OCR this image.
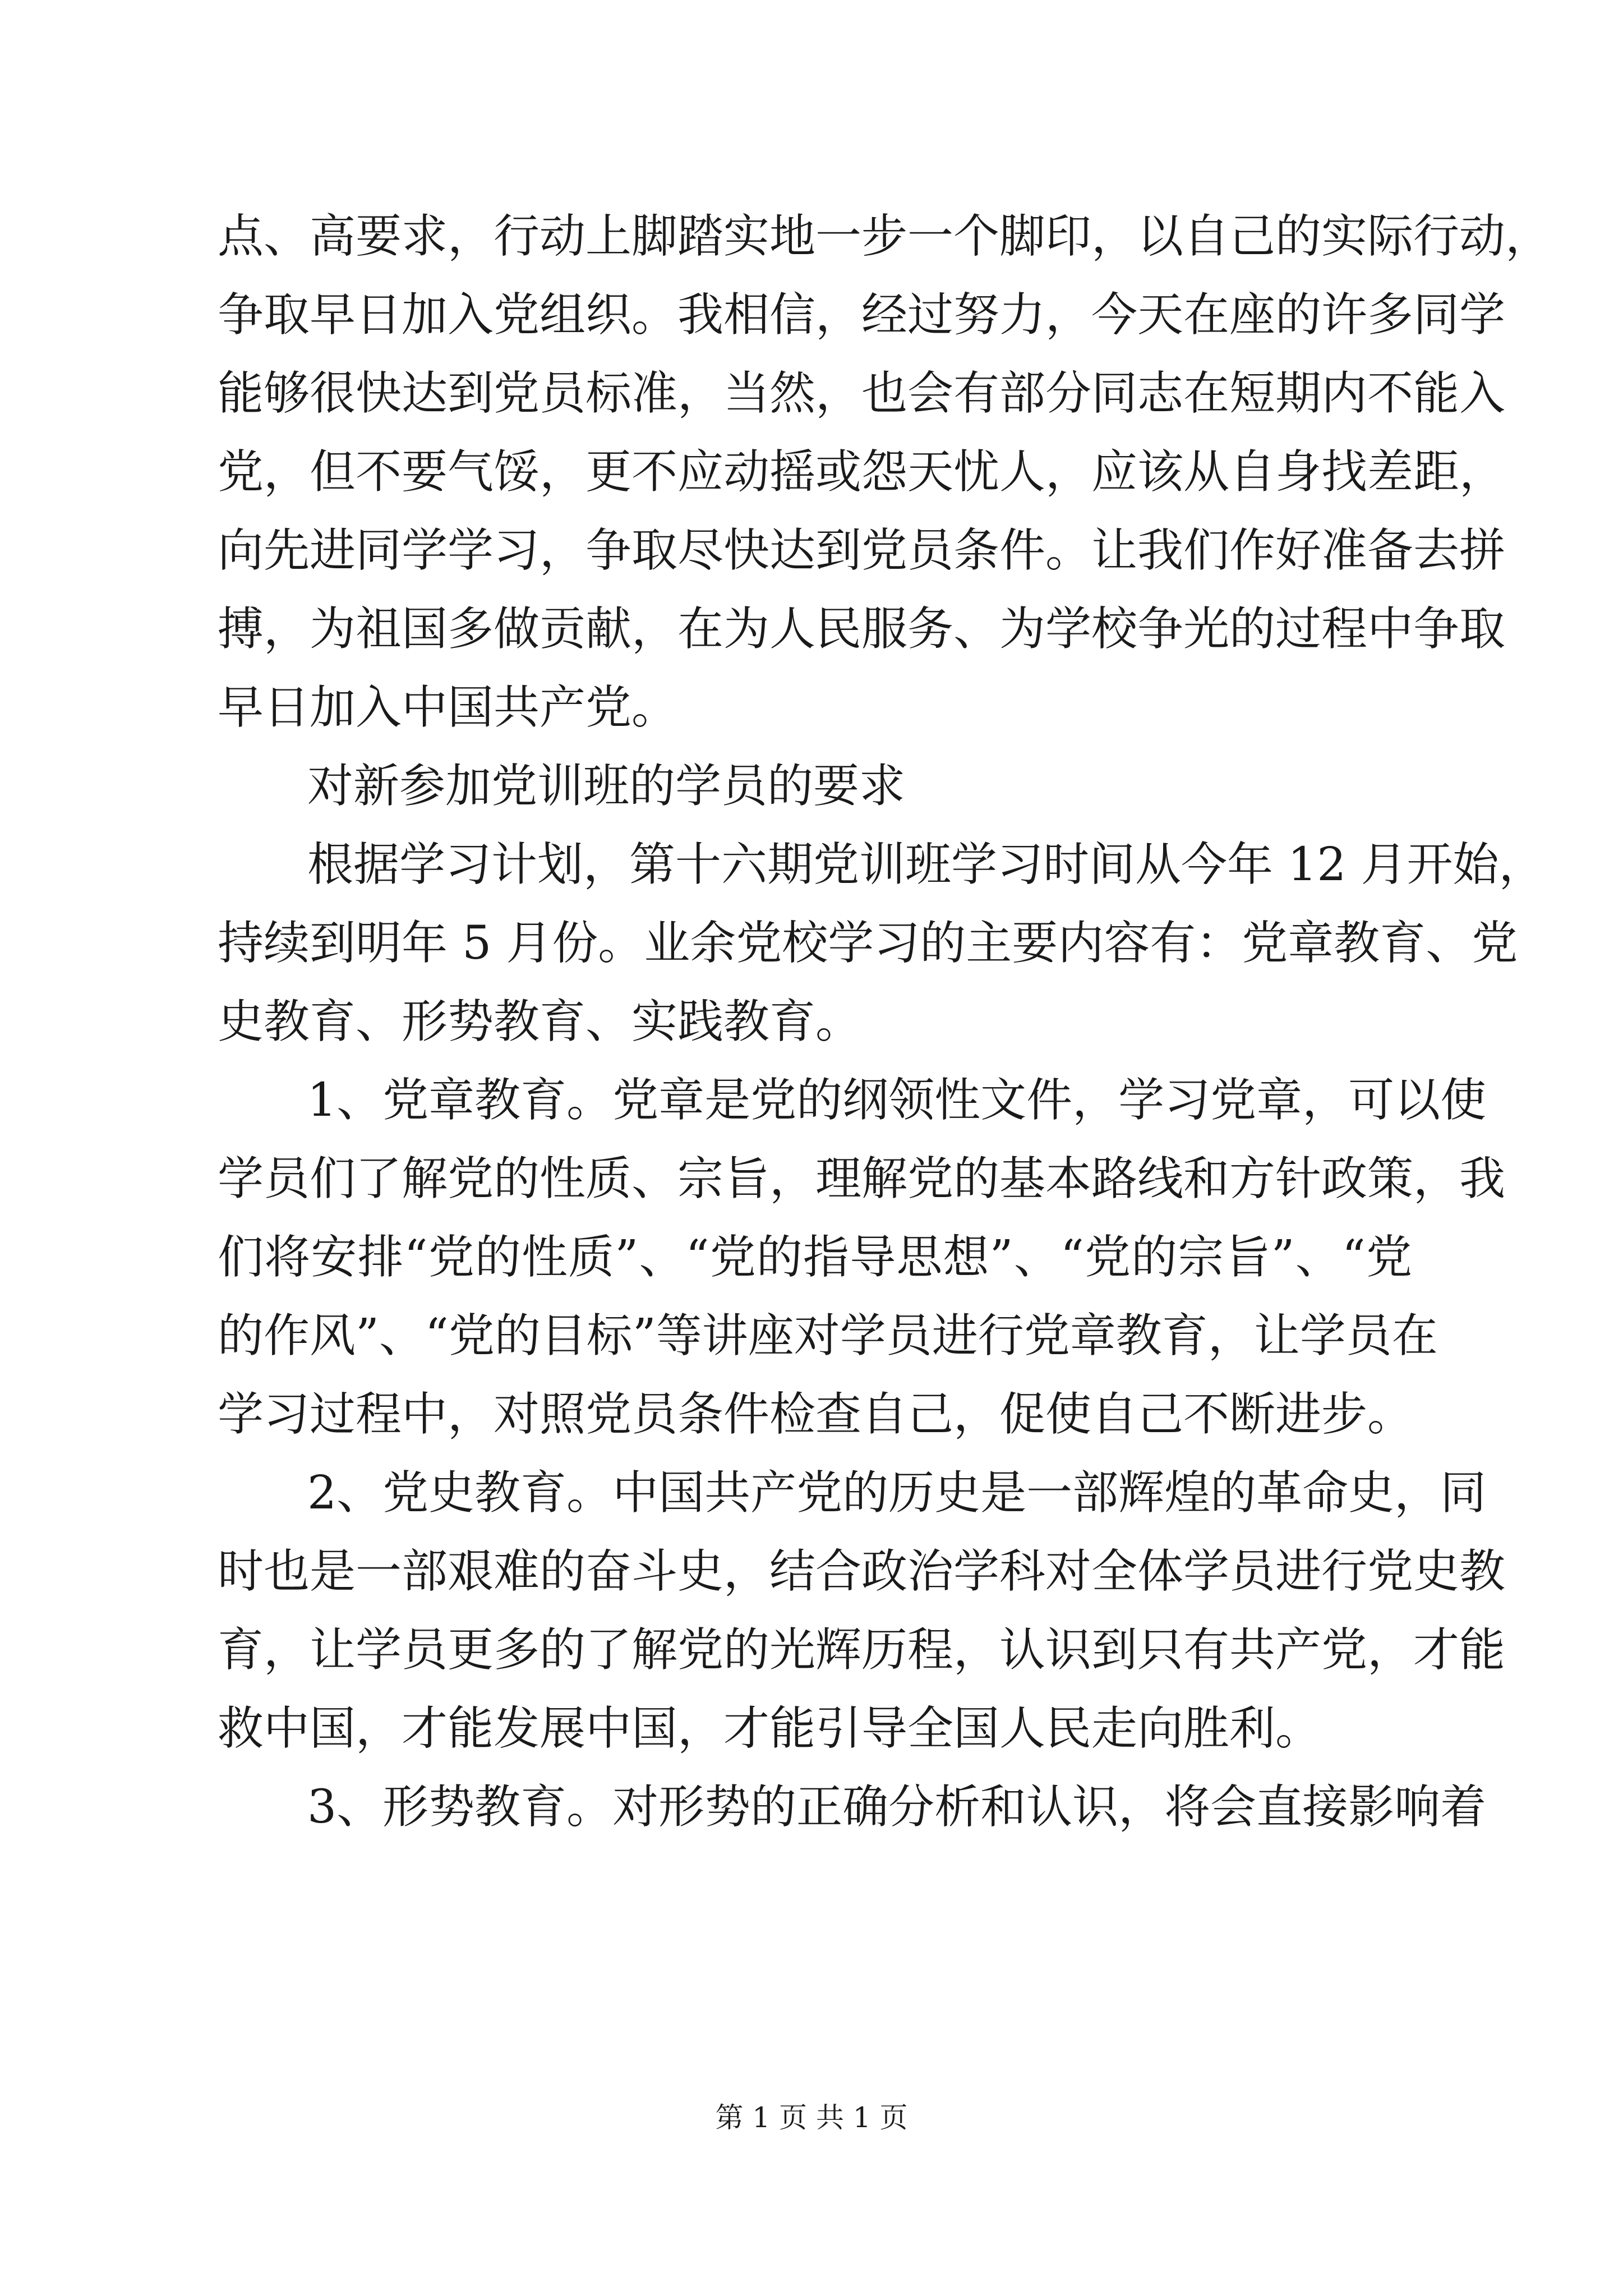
点、高要求，行动上脚踏实地一步一个脚印，以自己的实际行动，
争取早日加入党组织。我相信，经过努力，今天在座的许多同学
能够很快达到党员标准，当然，也会有部分同志在短期内不能入
党，但不要气馁，更不应动摇或怨天忧人，应该从自身找差距，
向先进同学学习，争取尽快达到党员条件。让我们作好准备去拼
搏，为祖国多做贡献，在为人民服务、为学校争光的过程中争取
早日加入中国共产党。
对新参加党训班的学员的要求
根据学习计划，第十六期党训班学习时间从今年 12 月开始，
持续到明年 5 月份。业余党校学习的主要内容有：党章教育、党
史教育、形势教育、实践教育。
1、党章教育。党章是党的纲领性文件，学习党章，可以使
学员们了解党的性质、宗旨，理解党的基本路线和方针政策，我
们将安排“党的性质”、“党的指导思想”、“党的宗旨”、“党
的作风”、“党的目标”等讲座对学员进行党章教育，让学员在
学习过程中，对照党员条件检查自己，促使自己不断进步。
2、党史教育。中国共产党的历史是一部辉煌的革命史，同
时也是一部艰难的奋斗史，结合政治学科对全体学员进行党史教
育，让学员更多的了解党的光辉历程，认识到只有共产党，才能
救中国，才能发展中国，才能引导全国人民走向胜利。
3、形势教育。对形势的正确分析和认识，将会直接影响着
第 1 页 共 1 页
